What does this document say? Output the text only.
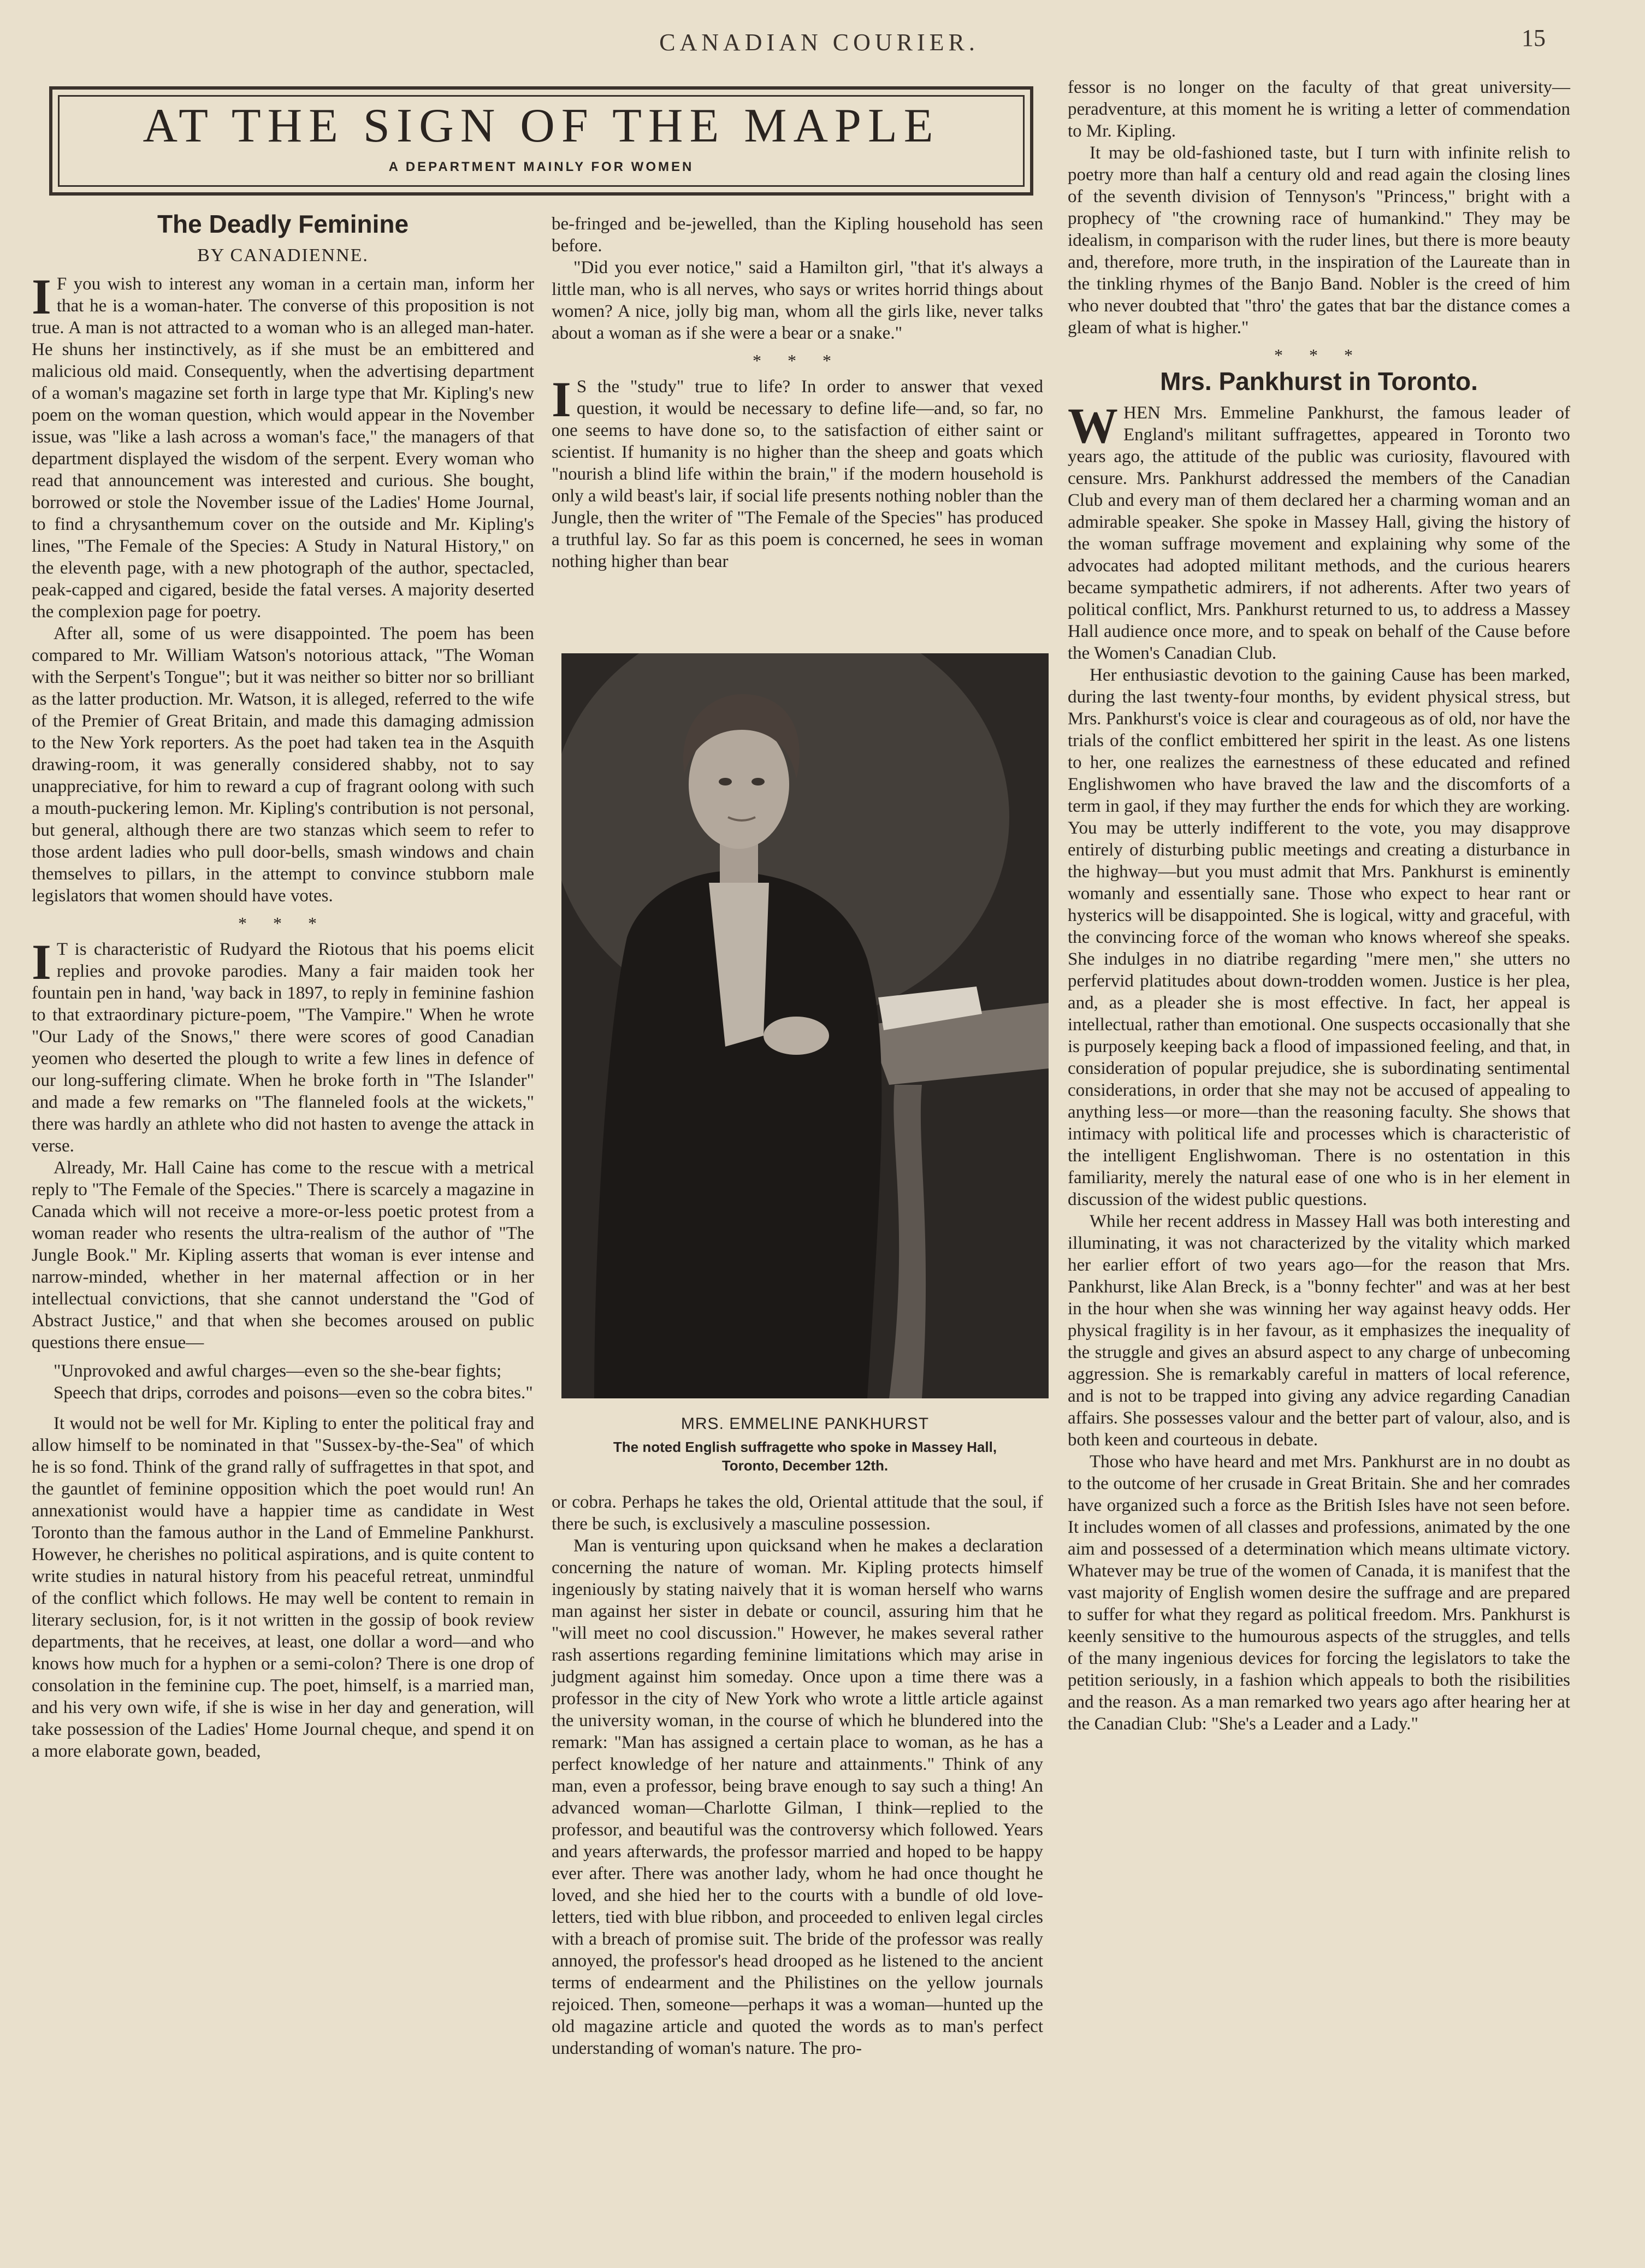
CANADIAN COURIER.	15
AT THE SIGN OF THE MAPLE
A DEPARTMENT MAINLY FOR WOMEN
The Deadly Feminine
BY CANADIENNE.

I F you wish to interest any woman in a certain man, inform her that he is a woman-hater. The converse of this proposition is not true. A man is not attracted to a woman who is an alleged man-hater. He shuns her instinctively, as if she must be an embittered and malicious old maid. Consequently, when the advertising department of a woman's magazine set forth in large type that Mr. Kipling's new poem on the woman question, which would appear in the November issue, was "like a lash across a woman's face," the managers of that department displayed the wisdom of the serpent. Every woman who read that announcement was interested and curious. She bought, borrowed or stole the November issue of the Ladies' Home Journal, to find a chrysanthemum cover on the outside and Mr. Kipling's lines, "The Female of the Species: A Study in Natural History," on the eleventh page, with a new photograph of the author, spectacled, peak-capped and cigared, beside the fatal verses. A majority deserted the complexion page for poetry.

After all, some of us were disappointed. The poem has been compared to Mr. William Watson's notorious attack, "The Woman with the Serpent's Tongue"; but it was neither so bitter nor so brilliant as the latter production. Mr. Watson, it is alleged, referred to the wife of the Premier of Great Britain, and made this damaging admission to the New York reporters. As the poet had taken tea in the Asquith drawing-room, it was generally considered shabby, not to say unappreciative, for him to reward a cup of fragrant oolong with such a mouth-puckering lemon. Mr. Kipling's contribution is not personal, but general, although there are two stanzas which seem to refer to those ardent ladies who pull door-bells, smash windows and chain themselves to pillars, in the attempt to convince stubborn male legislators that women should have votes.

* * *

I T is characteristic of Rudyard the Riotous that his poems elicit replies and provoke parodies. Many a fair maiden took her fountain pen in hand, 'way back in 1897, to reply in feminine fashion to that extraordinary picture-poem, "The Vampire." When he wrote "Our Lady of the Snows," there were scores of good Canadian yeomen who deserted the plough to write a few lines in defence of our long-suffering climate. When he broke forth in "The Islander" and made a few remarks on "The flanneled fools at the wickets," there was hardly an athlete who did not hasten to avenge the attack in verse.

Already, Mr. Hall Caine has come to the rescue with a metrical reply to "The Female of the Species." There is scarcely a magazine in Canada which will not receive a more-or-less poetic protest from a woman reader who resents the ultra-realism of the author of "The Jungle Book." Mr. Kipling asserts that woman is ever intense and narrow-minded, whether in her maternal affection or in her intellectual convictions, that she cannot understand the "God of Abstract Justice," and that when she becomes aroused on public questions there ensue—

"Unprovoked and awful charges—even so the she-bear fights;

Speech that drips, corrodes and poisons—even so the cobra bites."

It would not be well for Mr. Kipling to enter the political fray and allow himself to be nominated in that "Sussex-by-the-Sea" of which he is so fond. Think of the grand rally of suffragettes in that spot, and the gauntlet of feminine opposition which the poet would run! An annexationist would have a happier time as candidate in West Toronto than the famous author in the Land of Emmeline Pankhurst. However, he cherishes no political aspirations, and is quite content to write studies in natural history from his peaceful retreat, unmindful of the conflict which follows. He may well be content to remain in literary seclusion, for, is it not written in the gossip of book review departments, that he receives, at least, one dollar a word—and who knows how much for a hyphen or a semi-colon? There is one drop of consolation in the feminine cup. The poet, himself, is a married man, and his very own wife, if she is wise in her day and generation, will take possession of the Ladies' Home Journal cheque, and spend it on a more elaborate gown, beaded,

be-fringed and be-jewelled, than the Kipling household has seen before.

"Did you ever notice," said a Hamilton girl, "that it's always a little man, who is all nerves, who says or writes horrid things about women? A nice, jolly big man, whom all the girls like, never talks about a woman as if she were a bear or a snake."

* * *

I S the "study" true to life? In order to answer that vexed question, it would be necessary to define life—and, so far, no one seems to have done so, to the satisfaction of either saint or scientist. If humanity is no higher than the sheep and goats which "nourish a blind life within the brain," if the modern household is only a wild beast's lair, if social life presents nothing nobler than the Jungle, then the writer of "The Female of the Species" has produced a truthful lay. So far as this poem is concerned, he sees in woman nothing higher than bear

MRS. EMMELINE PANKHURST
The noted English suffragette who spoke in Massey Hall, Toronto, December 12th.

or cobra. Perhaps he takes the old, Oriental attitude that the soul, if there be such, is exclusively a masculine possession.

Man is venturing upon quicksand when he makes a declaration concerning the nature of woman. Mr. Kipling protects himself ingeniously by stating naively that it is woman herself who warns man against her sister in debate or council, assuring him that he "will meet no cool discussion." However, he makes several rather rash assertions regarding feminine limitations which may arise in judgment against him someday. Once upon a time there was a professor in the city of New York who wrote a little article against the university woman, in the course of which he blundered into the remark: "Man has assigned a certain place to woman, as he has a perfect knowledge of her nature and attainments." Think of any man, even a professor, being brave enough to say such a thing! An advanced woman—Charlotte Gilman, I think—replied to the professor, and beautiful was the controversy which followed. Years and years afterwards, the professor married and hoped to be happy ever after. There was another lady, whom he had once thought he loved, and she hied her to the courts with a bundle of old love-letters, tied with blue ribbon, and proceeded to enliven legal circles with a breach of promise suit. The bride of the professor was really annoyed, the professor's head drooped as he listened to the ancient terms of endearment and the Philistines on the yellow journals rejoiced. Then, someone—perhaps it was a woman—hunted up the old magazine article and quoted the words as to man's perfect understanding of woman's nature. The pro-

fessor is no longer on the faculty of that great university—peradventure, at this moment he is writing a letter of commendation to Mr. Kipling.

It may be old-fashioned taste, but I turn with infinite relish to poetry more than half a century old and read again the closing lines of the seventh division of Tennyson's "Princess," bright with a prophecy of "the crowning race of humankind." They may be idealism, in comparison with the ruder lines, but there is more beauty and, therefore, more truth, in the inspiration of the Laureate than in the tinkling rhymes of the Banjo Band. Nobler is the creed of him who never doubted that "thro' the gates that bar the distance comes a gleam of what is higher."

* * *
Mrs. Pankhurst in Toronto.

WHEN Mrs. Emmeline Pankhurst, the famous leader of England's militant suffragettes, appeared in Toronto two years ago, the attitude of the public was curiosity, flavoured with censure. Mrs. Pankhurst addressed the members of the Canadian Club and every man of them declared her a charming woman and an admirable speaker. She spoke in Massey Hall, giving the history of the woman suffrage movement and explaining why some of the advocates had adopted militant methods, and the curious hearers became sympathetic admirers, if not adherents. After two years of political conflict, Mrs. Pankhurst returned to us, to address a Massey Hall audience once more, and to speak on behalf of the Cause before the Women's Canadian Club.

Her enthusiastic devotion to the gaining Cause has been marked, during the last twenty-four months, by evident physical stress, but Mrs. Pankhurst's voice is clear and courageous as of old, nor have the trials of the conflict embittered her spirit in the least. As one listens to her, one realizes the earnestness of these educated and refined Englishwomen who have braved the law and the discomforts of a term in gaol, if they may further the ends for which they are working. You may be utterly indifferent to the vote, you may disapprove entirely of disturbing public meetings and creating a disturbance in the highway—but you must admit that Mrs. Pankhurst is eminently womanly and essentially sane. Those who expect to hear rant or hysterics will be disappointed. She is logical, witty and graceful, with the convincing force of the woman who knows whereof she speaks. She indulges in no diatribe regarding "mere men," she utters no perfervid platitudes about down-trodden women. Justice is her plea, and, as a pleader she is most effective. In fact, her appeal is intellectual, rather than emotional. One suspects occasionally that she is purposely keeping back a flood of impassioned feeling, and that, in consideration of popular prejudice, she is subordinating sentimental considerations, in order that she may not be accused of appealing to anything less—or more—than the reasoning faculty. She shows that intimacy with political life and processes which is characteristic of the intelligent Englishwoman. There is no ostentation in this familiarity, merely the natural ease of one who is in her element in discussion of the widest public questions.

While her recent address in Massey Hall was both interesting and illuminating, it was not characterized by the vitality which marked her earlier effort of two years ago—for the reason that Mrs. Pankhurst, like Alan Breck, is a "bonny fechter" and was at her best in the hour when she was winning her way against heavy odds. Her physical fragility is in her favour, as it emphasizes the inequality of the struggle and gives an absurd aspect to any charge of unbecoming aggression. She is remarkably careful in matters of local reference, and is not to be trapped into giving any advice regarding Canadian affairs. She possesses valour and the better part of valour, also, and is both keen and courteous in debate.

Those who have heard and met Mrs. Pankhurst are in no doubt as to the outcome of her crusade in Great Britain. She and her comrades have organized such a force as the British Isles have not seen before. It includes women of all classes and professions, animated by the one aim and possessed of a determination which means ultimate victory. Whatever may be true of the women of Canada, it is manifest that the vast majority of English women desire the suffrage and are prepared to suffer for what they regard as political freedom. Mrs. Pankhurst is keenly sensitive to the humourous aspects of the struggles, and tells of the many ingenious devices for forcing the legislators to take the petition seriously, in a fashion which appeals to both the risibilities and the reason. As a man remarked two years ago after hearing her at the Canadian Club: "She's a Leader and a Lady."
